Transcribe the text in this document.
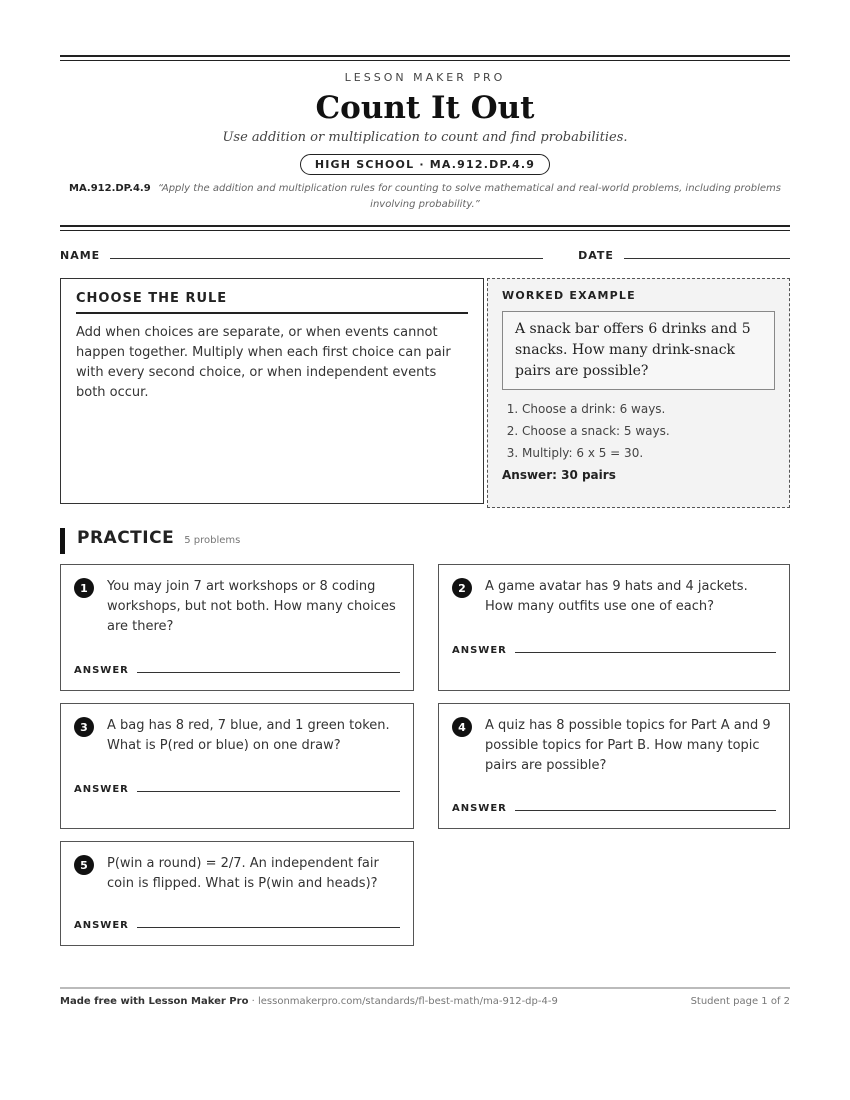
LESSON MAKER PRO
Count It Out
Use addition or multiplication to count and find probabilities.
HIGH SCHOOL · MA.912.DP.4.9
MA.912.DP.4.9 “Apply the addition and multiplication rules for counting to solve mathematical and real-world problems, including problems involving probability.”
NAME	DATE
CHOOSE THE RULE

Add when choices are separate, or when events cannot happen together. Multiply when each first choice can pair with every second choice, or when independent events both occur.

WORKED EXAMPLE
A snack bar offers 6 drinks and 5 snacks. How many drink-snack pairs are possible?
1. Choose a drink: 6 ways.
2. Choose a snack: 5 ways.
3. Multiply: 6 x 5 = 30.
Answer: 30 pairs
PRACTICE 5 problems
1	You may join 7 art workshops or 8 coding workshops, but not both. How many choices are there?
ANSWER
2	A game avatar has 9 hats and 4 jackets. How many outfits use one of each?
ANSWER
3	A bag has 8 red, 7 blue, and 1 green token. What is P(red or blue) on one draw?
ANSWER
4	A quiz has 8 possible topics for Part A and 9 possible topics for Part B. How many topic pairs are possible?
ANSWER
5	P(win a round) = 2/7. An independent fair coin is flipped. What is P(win and heads)?
ANSWER
Made free with Lesson Maker Pro · lessonmakerpro.com/standards/fl-best-math/ma-912-dp-4-9	Student page 1 of 2
